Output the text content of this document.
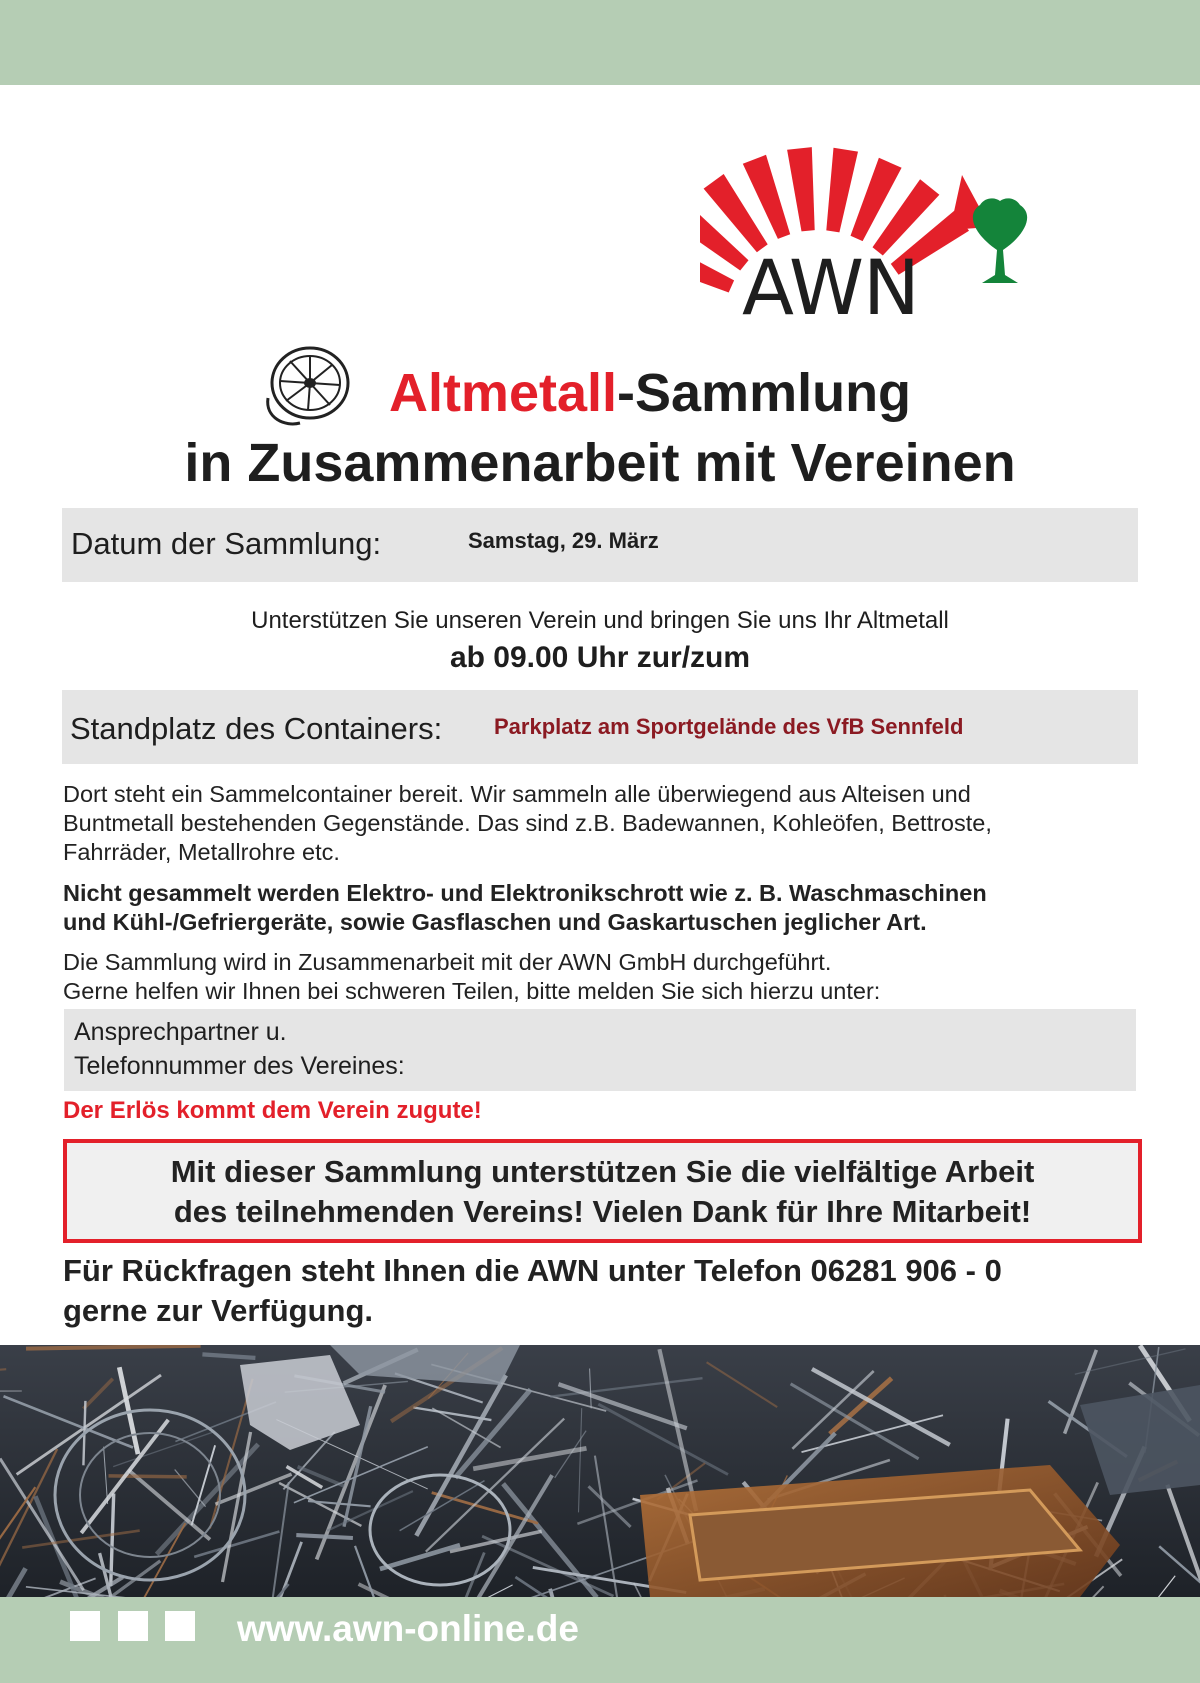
AWN
Altmetall-Sammlung
in Zusammenarbeit mit Vereinen
Datum der Sammlung:	Samstag, 29. März
Unterstützen Sie unseren Verein und bringen Sie uns Ihr Altmetall
ab 09.00 Uhr zur/zum
Standplatz des Containers: Parkplatz am Sportgelände des VfB Sennfeld
Dort steht ein Sammelcontainer bereit. Wir sammeln alle überwiegend aus Alteisen und
Buntmetall bestehenden Gegenstände. Das sind z.B. Badewannen, Kohleöfen, Bettroste,
Fahrräder, Metallrohre etc.
Nicht gesammelt werden Elektro- und Elektronikschrott wie z. B. Waschmaschinen
und Kühl-/Gefriergeräte, sowie Gasflaschen und Gaskartuschen jeglicher Art.
Die Sammlung wird in Zusammenarbeit mit der AWN GmbH durchgeführt.
Gerne helfen wir Ihnen bei schweren Teilen, bitte melden Sie sich hierzu unter:
Ansprechpartner u.
Telefonnummer des Vereines:
Der Erlös kommt dem Verein zugute!
Mit dieser Sammlung unterstützen Sie die vielfältige Arbeit
des teilnehmenden Vereins! Vielen Dank für Ihre Mitarbeit!
Für Rückfragen steht Ihnen die AWN unter Telefon 06281 906 - 0
gerne zur Verfügung.
www.awn-online.de
